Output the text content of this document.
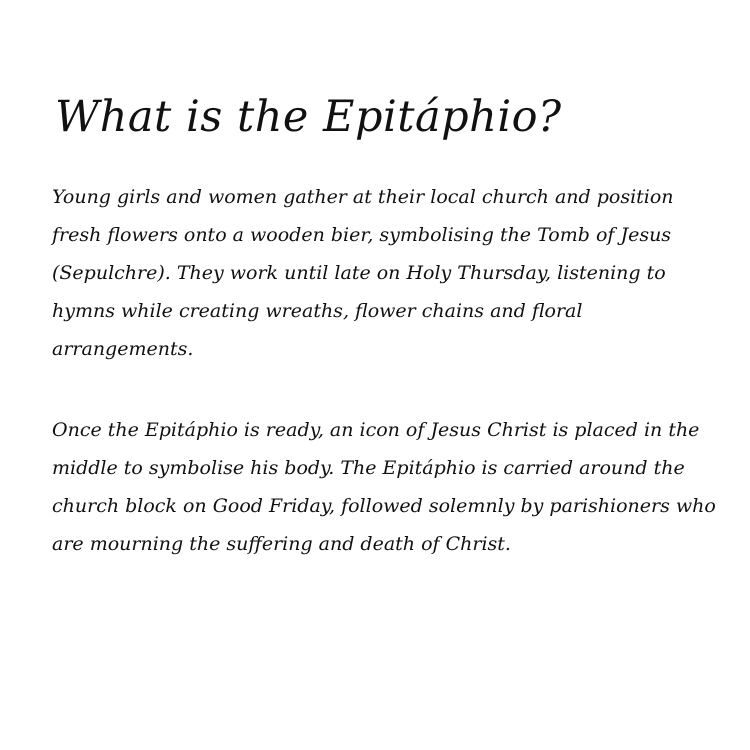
What is the Epitáphio?

Young girls and women gather at their local church and position
fresh flowers onto a wooden bier, symbolising the Tomb of Jesus
(Sepulchre). They work until late on Holy Thursday, listening to
hymns while creating wreaths, flower chains and floral
arrangements.

Once the Epitáphio is ready, an icon of Jesus Christ is placed in the
middle to symbolise his body. The Epitáphio is carried around the
church block on Good Friday, followed solemnly by parishioners who
are mourning the suffering and death of Christ.
